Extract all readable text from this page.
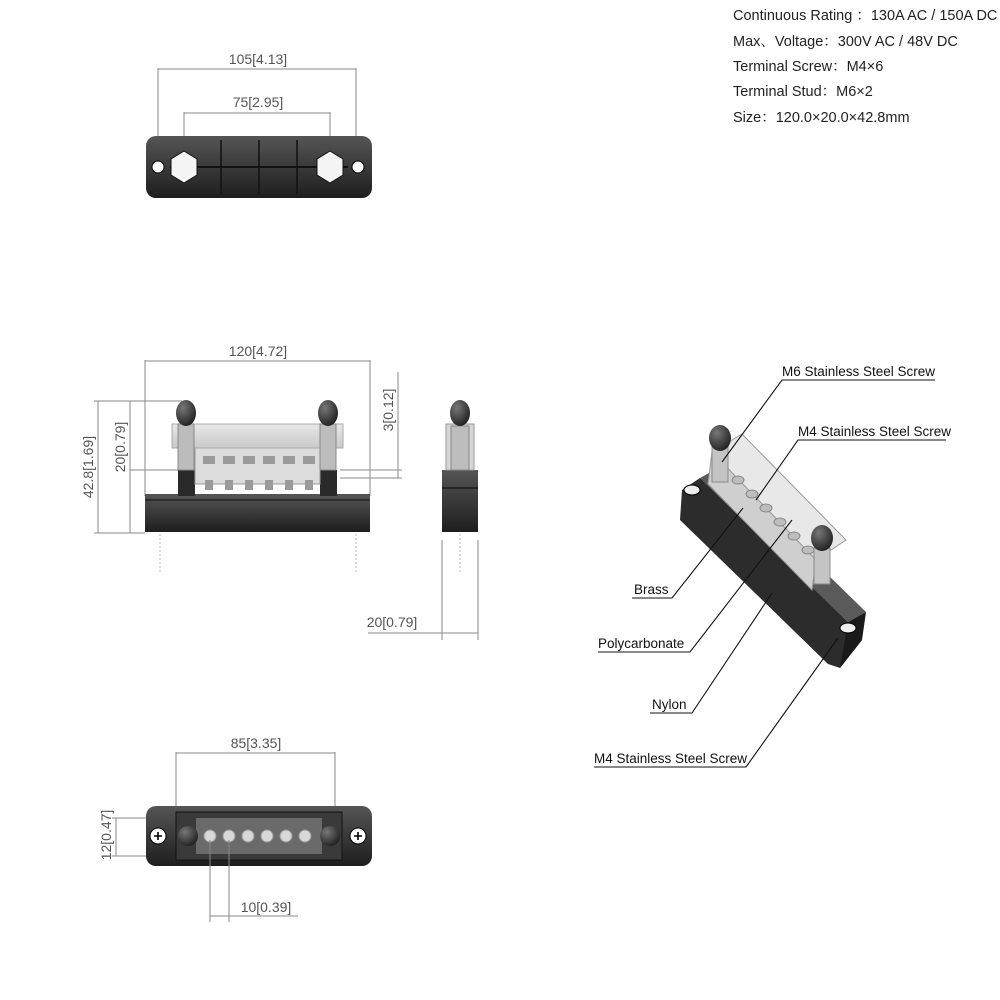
Continuous Rating ：130A AC / 150A DC
Max、Voltage：300V AC / 48V DC
Terminal Screw：M4×6
Terminal Stud：M6×2
Size：120.0×20.0×42.8mm
105[4.13]
75[2.95]
120[4.72]
42.8[1.69] 20[0.79]
3[0.12]
20[0.79]
85[3.35]
12[0.47]
10[0.39]
M6 Stainless Steel Screw
M4 Stainless Steel Screw
Brass
Polycarbonate
Nylon
M4 Stainless Steel Screw
